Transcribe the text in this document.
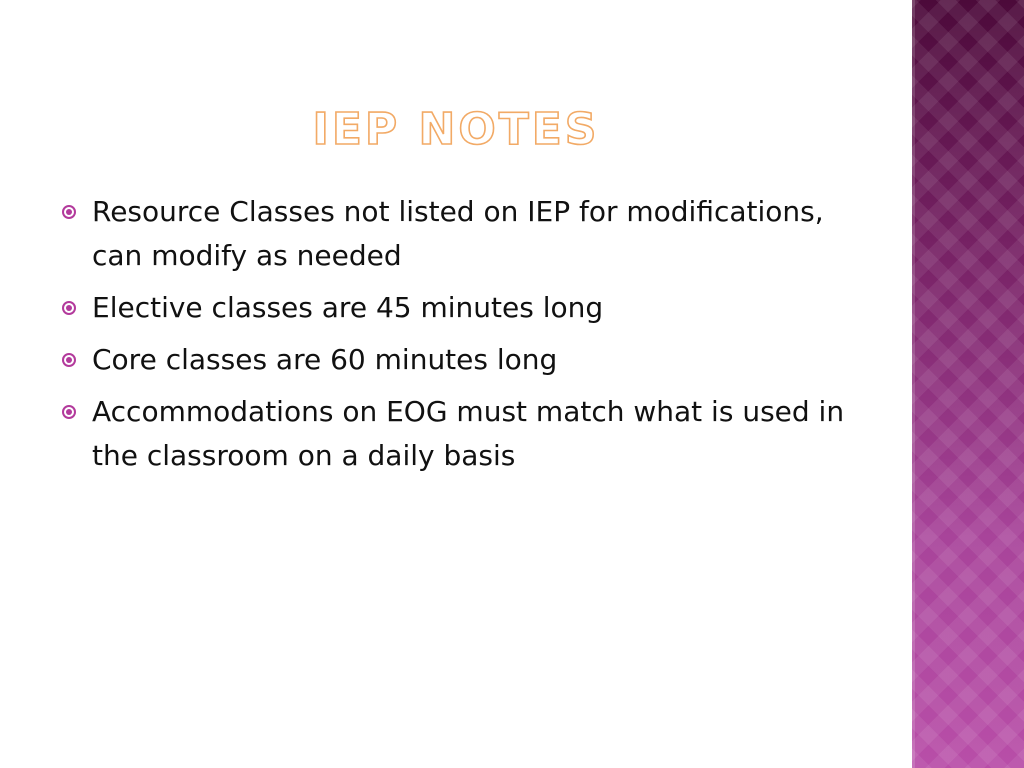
IEP NOTES
Resource Classes not listed on IEP for modifications, can modify as needed
Elective classes are 45 minutes long
Core classes are 60 minutes long
Accommodations on EOG must match what is used in the classroom on a daily basis
